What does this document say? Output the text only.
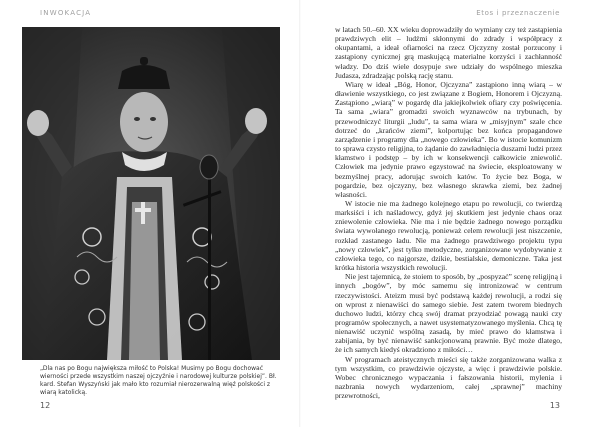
INWOKACJA	Etos i przeznaczenie
„Dla nas po Bogu największa miłość to Polska! Musimy po Bogu dochować wierności przede wszystkim naszej ojczyźnie i narodowej kulturze polskiej”. Bł. kard. Stefan Wyszyński jak mało kto rozumiał nierozerwalną więź polskości z wiarą katolicką.
12

w latach 50.–60. XX wieku doprowadziły do wymiany czy też zastąpienia prawdziwych elit – ludźmi skłonnymi do zdrady i współpracy z okupantami, a ideał ofiarności na rzecz Ojczyzny został porzucony i zastąpiony cynicznej grą maskującą materialne korzyści i zachłanność władzy. Do dziś wiele dosypuje swe udziały do wspólnego mieszka Judasza, zdradzając polską rację stanu.

Wiarę w ideał „Bóg, Honor, Ojczyzna” zastąpiono inną wiarą – w dławienie wszystkiego, co jest związane z Bogiem, Honorem i Ojczyzną. Zastąpiono „wiarą” w pogardę dla jakiejkolwiek ofiary czy poświęcenia. Ta sama „wiara” gromadzi swoich wyznawców na trybunach, by przewodniczyć liturgii „ludu”, ta sama wiara w „misyjnym” szale chce dotrzeć do „krańców ziemi”, kolportując bez końca propagandowe zarządzenie i programy dla „nowego człowieka”. Bo w istocie komunizm to sprawa czysto religijna, to żądanie do zawładnięcia duszami ludzi przez kłamstwo i podstęp – by ich w konsekwencji całkowicie zniewolić. Człowiek ma jedynie prawo egzystować na świecie, eksploatowany w bezmyślnej pracy, adorując swoich katów. To życie bez Boga, w pogardzie, bez ojczyzny, bez własnego skrawka ziemi, bez żadnej własności.

W istocie nie ma żadnego kolejnego etapu po rewolucji, co twierdzą marksiści i ich naśladowcy, gdyż jej skutkiem jest jedynie chaos oraz zniewolenie człowieka. Nie ma i nie będzie żadnego nowego porządku świata wywołanego rewolucją, ponieważ celem rewolucji jest niszczenie, rozkład zastanego ładu. Nie ma żadnego prawdziwego projektu typu „nowy człowiek”, jest tylko metodyczne, zorganizowane wydobywanie z człowieka tego, co najgorsze, dzikie, bestialskie, demoniczne. Taka jest krótka historia wszystkich rewolucji.

Nie jest tajemnicą, że stoiem to sposób, by „pospyzać” scenę religijną i innych „bogów”, by móc samemu się intronizować w centrum rzeczywistości. Ateizm musi być podstawą każdej rewolucji, a rodzi się on wprost z nienawiści do samego siebie. Jest zatem tworem biednych duchowo ludzi, którzy chcą swój dramat przyodziać powagą nauki czy programów społecznych, a nawet usystematyzowanego myślenia. Chcą tę nienawiść uczynić wspólną zasadą, by mieć prawo do kłamstwa i zabijania, by być nienawiść sankcjonowaną prawnie. Być może dlatego, że ich samych kiedyś okradziono z miłości…

W programach ateistycznych mieści się także zorganizowana walka z tym wszystkim, co prawdziwie ojczyste, a więc i prawdziwie polskie. Wobec chronicznego wypaczania i fałszowania historii, mylenia i nazbrania nowych wydarzeniom, całej „sprawnej” machiny przewrotności,

13
